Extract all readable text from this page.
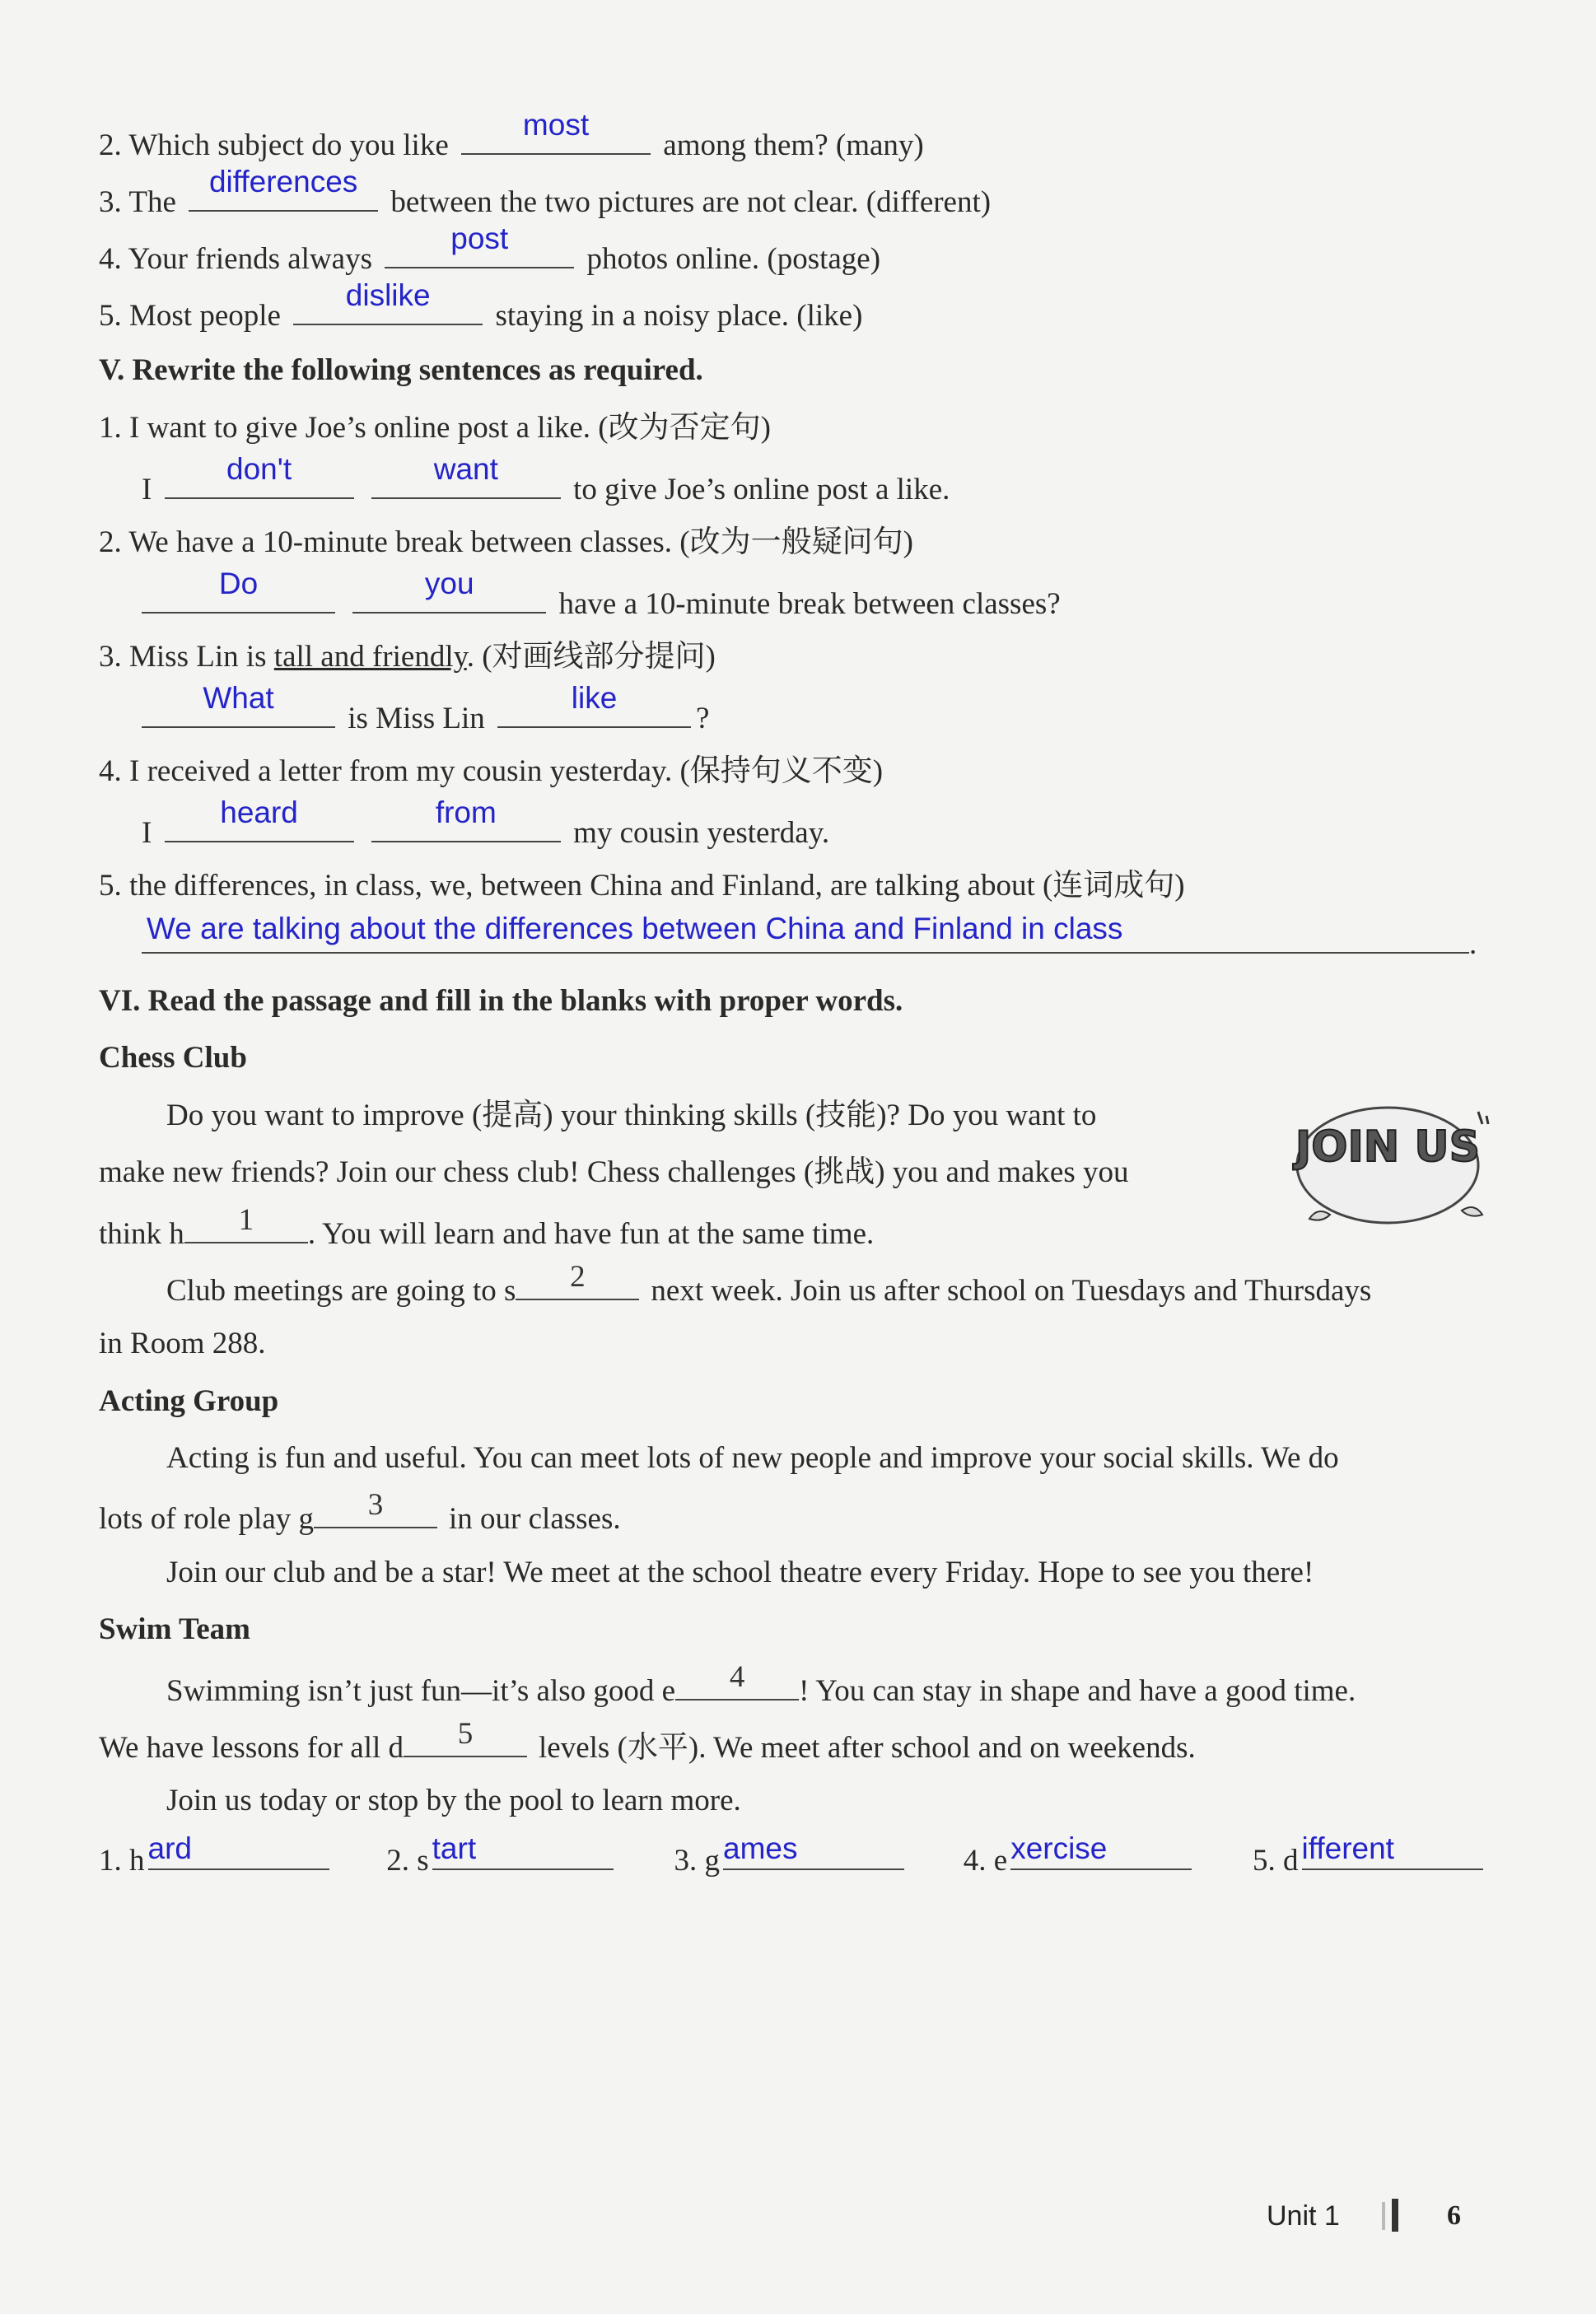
2. Which subject do you like
most
among them? (many)
3. The
differences
between the two pictures are not clear. (different)
4. Your friends always
post
photos online. (postage)
5. Most people
dislike
staying in a noisy place. (like)
V. Rewrite the following sentences as required.
1. I want to give Joe’s online post a like. (改为否定句)
I
don't
	want
to give Joe’s online post a like.
2. We have a 10-minute break between classes. (改为一般疑问句)
Do
	you
have a 10-minute break between classes?
3. Miss Lin is tall and friendly. (对画线部分提问)
What
is Miss Lin
like
?
4. I received a letter from my cousin yesterday. (保持句义不变)
I
heard
	from
my cousin yesterday.
5. the differences, in class, we, between China and Finland, are talking about (连词成句)
We are talking about the differences between China and Finland in class	.
VI. Read the passage and fill in the blanks with proper words.
Chess Club
Do you want to improve (提高) your thinking skills (技能)? Do you want to
make new friends? Join our chess club! Chess challenges (挑战) you and makes you
think h	1	. You will learn and have fun at the same time.
Club meetings are going to s	2	next week. Join us after school on Tuesdays and Thursdays
in Room 288.
Acting Group
Acting is fun and useful. You can meet lots of new people and improve your social skills. We do
lots of role play g	3	in our classes.
Join our club and be a star! We meet at the school theatre every Friday. Hope to see you there!
Swim Team
Swimming isn’t just fun—it’s also good e	4	! You can stay in shape and have a good time.
We have lessons for all d	5	levels (水平). We meet after school and on weekends.
Join us today or stop by the pool to learn more.
1. h ard	2. s tart	3. g ames	4. e xercise	5. d ifferent
JOIN US
Unit 1	6
